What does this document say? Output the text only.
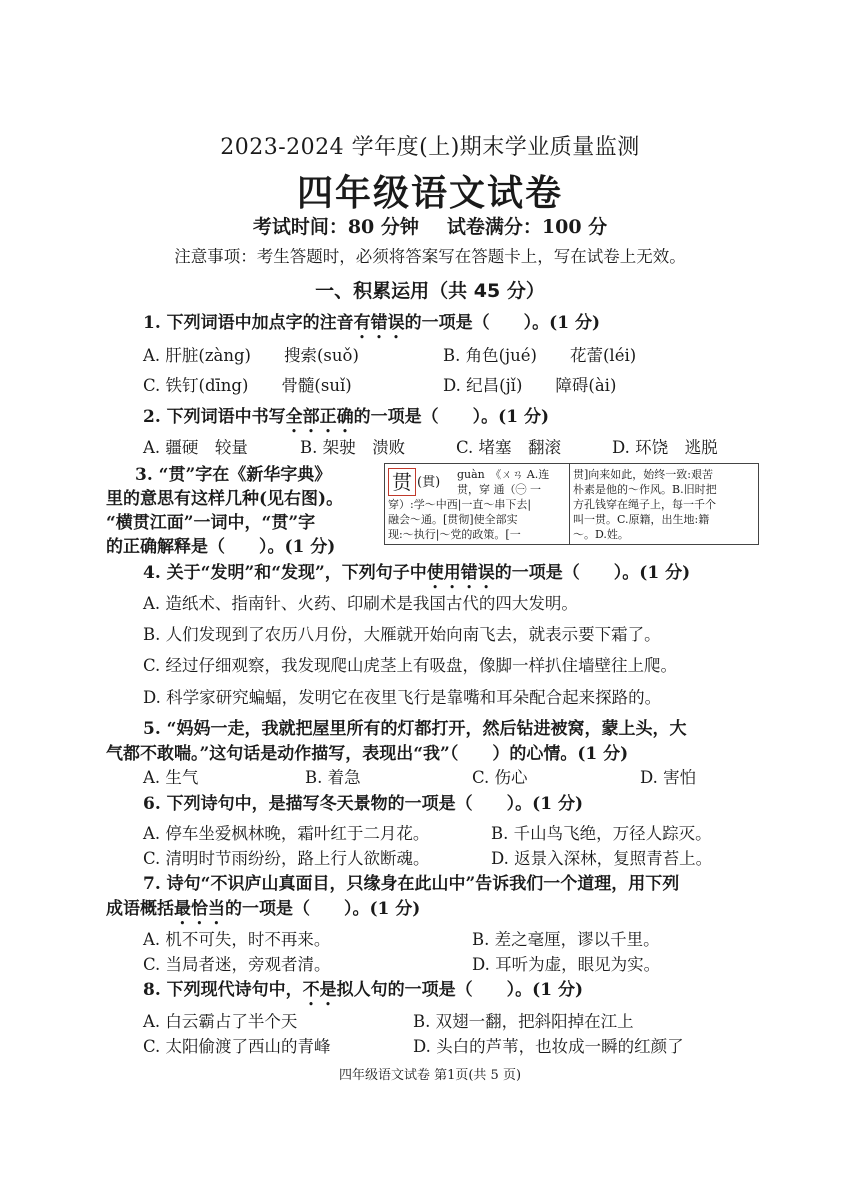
2023-2024 学年度(上)期末学业质量监测
四年级语文试卷
考试时间：80 分钟 试卷满分：100 分
注意事项：考生答题时，必须将答案写在答题卡上，写在试卷上无效。
一、积累运用（共 45 分）
1. 下列词语中加点字的注音有错误的一项是（　　）。(1 分)
A. 肝脏(zàng)　　搜索(suǒ)	B. 角色(jué)　　花蕾(léi)
C. 铁钉(dīng)　　骨髓(suǐ)	D. 纪昌(jǐ)　　障碍(ài)
2. 下列词语中书写全部正确的一项是（　　）。(1 分)
A. 疆硬　较量	B. 架驶　溃败	C. 堵塞　翻滚	D. 环饶　逃脱
3. “贯”字在《新华字典》
里的意思有这样几种(见右图)。
“横贯江面”一词中，“贯”字
的正确解释是（　　）。(1 分)
贯 (貫)
guàn　《ㄨㄢ A.连
贯，穿 通（㊀ 一
穿）:学～中西|一直～串下去|
融会～通。[贯彻]使全部实
现:～执行|～党的政策。[一
贯]向来如此，始终一致:艰苦
朴素是他的～作风。B.旧时把
方孔钱穿在绳子上，每一千个
叫一贯。C.原籍，出生地:籍
～。D.姓。
4. 关于“发明”和“发现”，下列句子中使用错误的一项是（　　）。(1 分)
A. 造纸术、指南针、火药、印刷术是我国古代的四大发明。
B. 人们发现到了农历八月份，大雁就开始向南飞去，就表示要下霜了。
C. 经过仔细观察，我发现爬山虎茎上有吸盘，像脚一样扒住墙壁往上爬。
D. 科学家研究蝙蝠，发明它在夜里飞行是靠嘴和耳朵配合起来探路的。
5. “妈妈一走，我就把屋里所有的灯都打开，然后钻进被窝，蒙上头，大
气都不敢喘。”这句话是动作描写，表现出“我”（　　）的心情。(1 分)
A. 生气	B. 着急	C. 伤心	D. 害怕
6. 下列诗句中，是描写冬天景物的一项是（　　）。(1 分)
A. 停车坐爱枫林晚，霜叶红于二月花。	B. 千山鸟飞绝，万径人踪灭。
C. 清明时节雨纷纷，路上行人欲断魂。	D. 返景入深林，复照青苔上。
7. 诗句“不识庐山真面目，只缘身在此山中”告诉我们一个道理，用下列
成语概括最恰当的一项是（　　）。(1 分)
A. 机不可失，时不再来。	B. 差之毫厘，谬以千里。
C. 当局者迷，旁观者清。	D. 耳听为虚，眼见为实。
8. 下列现代诗句中，不是拟人句的一项是（　　）。(1 分)
A. 白云霸占了半个天	B. 双翅一翻，把斜阳掉在江上
C. 太阳偷渡了西山的青峰	D. 头白的芦苇，也妆成一瞬的红颜了
四年级语文试卷 第1页(共 5 页)
